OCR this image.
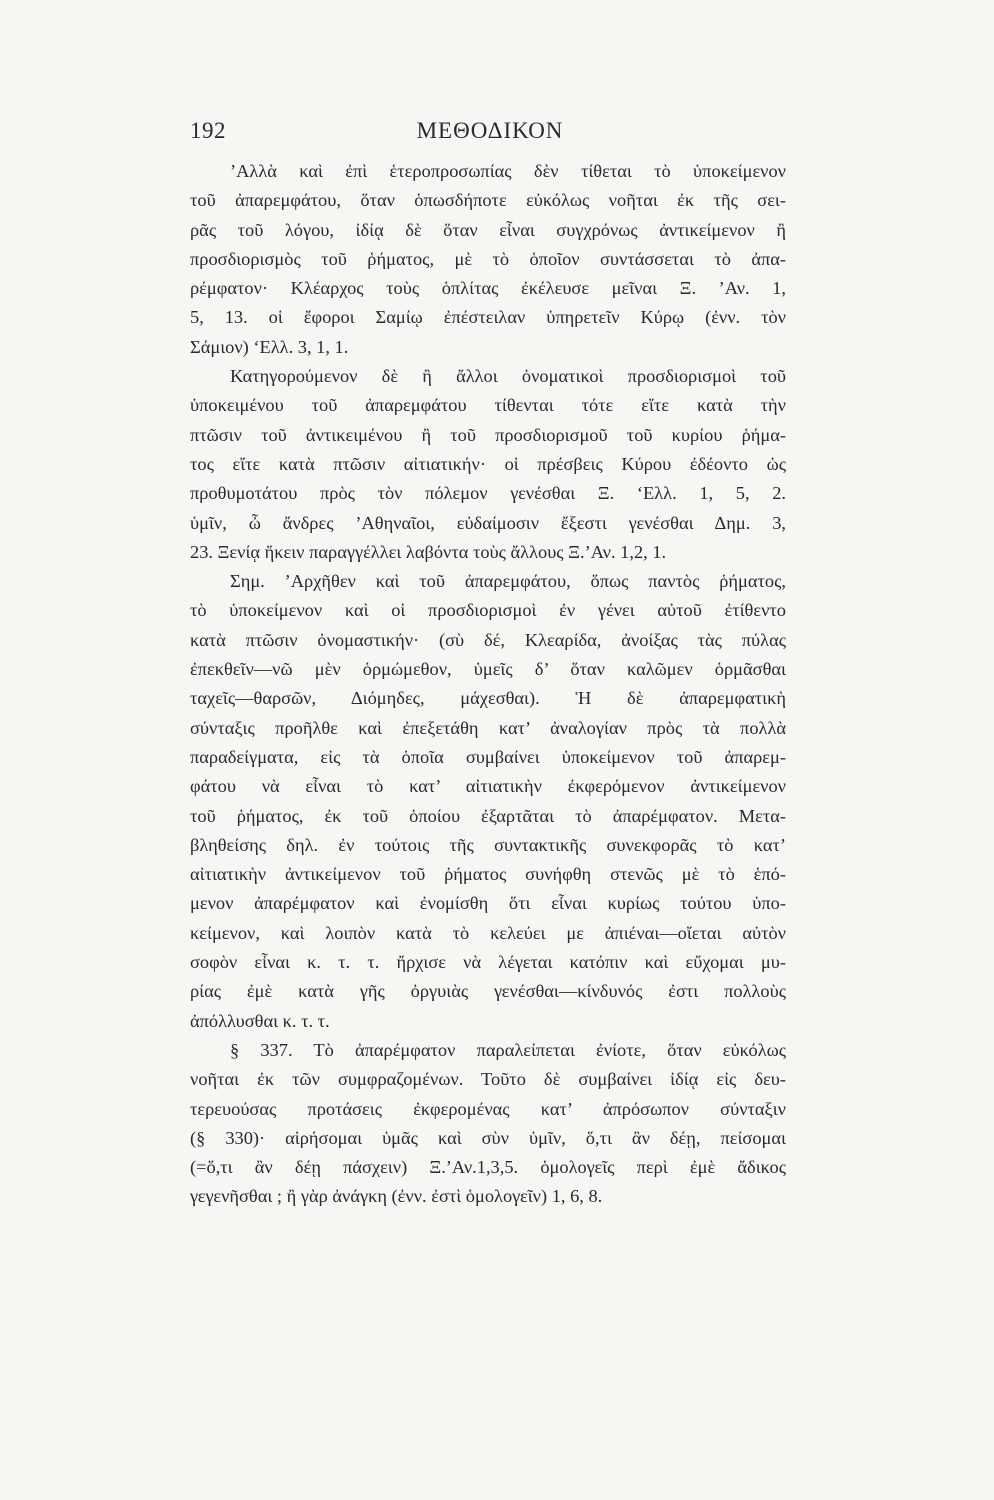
192	ΜΕΘΟΔΙΚΟΝ
’Αλλὰ καὶ ἐπὶ ἑτεροπροσωπίας δὲν τίθεται τὸ ὑποκείμενον
τοῦ ἀπαρεμφάτου, ὅταν ὁπωσδήποτε εὐκόλως νοῆται ἐκ τῆς σει-
ρᾶς τοῦ λόγου, ἰδίᾳ δὲ ὅταν εἶναι συγχρόνως ἀντικείμενον ἢ
προσδιορισμὸς τοῦ ῥήματος, μὲ τὸ ὁποῖον συντάσσεται τὸ ἀπα-
ρέμφατον· Κλέαρχος τοὺς ὁπλίτας ἐκέλευσε μεῖναι Ξ. ’Αν. 1,
5, 13. οἱ ἔφοροι Σαμίῳ ἐπέστειλαν ὑπηρετεῖν Κύρῳ (ἐνν. τὸν
Σάμιον) ‘Ελλ. 3, 1, 1.
Κατηγορούμενον δὲ ἢ ἄλλοι ὀνοματικοὶ προσδιορισμοὶ τοῦ
ὑποκειμένου τοῦ ἀπαρεμφάτου τίθενται τότε εἴτε κατὰ τὴν
πτῶσιν τοῦ ἀντικειμένου ἢ τοῦ προσδιορισμοῦ τοῦ κυρίου ῥήμα-
τος εἴτε κατὰ πτῶσιν αἰτιατικήν· οἱ πρέσβεις Κύρου ἐδέοντο ὡς
προθυμοτάτου πρὸς τὸν πόλεμον γενέσθαι Ξ. ‘Ελλ. 1, 5, 2.
ὑμῖν, ὦ ἄνδρες ’Αθηναῖοι, εὐδαίμοσιν ἔξεστι γενέσθαι Δημ. 3,
23. Ξενίᾳ ἥκειν παραγγέλλει λαβόντα τοὺς ἄλλους Ξ.’Αν. 1,2, 1.
Σημ. ’Αρχῆθεν καὶ τοῦ ἀπαρεμφάτου, ὅπως παντὸς ῥήματος,
τὸ ὑποκείμενον καὶ οἱ προσδιορισμοὶ ἐν γένει αὐτοῦ ἐτίθεντο
κατὰ πτῶσιν ὀνομαστικήν· (σὺ δέ, Κλεαρίδα, ἀνοίξας τὰς πύλας
ἐπεκθεῖν—νῶ μὲν ὁρμώμεθον, ὑμεῖς δ’ ὅταν καλῶμεν ὁρμᾶσθαι
ταχεῖς—θαρσῶν, Διόμηδες, μάχεσθαι). Ἡ δὲ ἀπαρεμφατικὴ
σύνταξις προῆλθε καὶ ἐπεξετάθη κατ’ ἀναλογίαν πρὸς τὰ πολλὰ
παραδείγματα, εἰς τὰ ὁποῖα συμβαίνει ὑποκείμενον τοῦ ἀπαρεμ-
φάτου νὰ εἶναι τὸ κατ’ αἰτιατικὴν ἐκφερόμενον ἀντικείμενον
τοῦ ῥήματος, ἐκ τοῦ ὁποίου ἐξαρτᾶται τὸ ἀπαρέμφατον. Μετα-
βληθείσης δηλ. ἐν τούτοις τῆς συντακτικῆς συνεκφορᾶς τὸ κατ’
αἰτιατικὴν ἀντικείμενον τοῦ ῥήματος συνήφθη στενῶς μὲ τὸ ἑπό-
μενον ἀπαρέμφατον καὶ ἐνομίσθη ὅτι εἶναι κυρίως τούτου ὑπο-
κείμενον, καὶ λοιπὸν κατὰ τὸ κελεύει με ἀπιέναι—οἴεται αὐτὸν
σοφὸν εἶναι κ. τ. τ. ἤρχισε νὰ λέγεται κατόπιν καὶ εὔχομαι μυ-
ρίας ἐμὲ κατὰ γῆς ὀργυιὰς γενέσθαι—κίνδυνός ἐστι πολλοὺς
ἀπόλλυσθαι κ. τ. τ.
§ 337. Τὸ ἀπαρέμφατον παραλείπεται ἐνίοτε, ὅταν εὐκόλως
νοῆται ἐκ τῶν συμφραζομένων. Τοῦτο δὲ συμβαίνει ἰδίᾳ εἰς δευ-
τερευούσας προτάσεις ἐκφερομένας κατ’ ἀπρόσωπον σύνταξιν
(§ 330)· αἱρήσομαι ὑμᾶς καὶ σὺν ὑμῖν, ὅ,τι ἂν δέῃ, πείσομαι
(=ὅ,τι ἂν δέῃ πάσχειν) Ξ.’Αν.1,3,5. ὁμολογεῖς περὶ ἐμὲ ἄδικος
γεγενῆσθαι ; ἢ γὰρ ἀνάγκη (ἐνν. ἐστὶ ὁμολογεῖν) 1, 6, 8.
